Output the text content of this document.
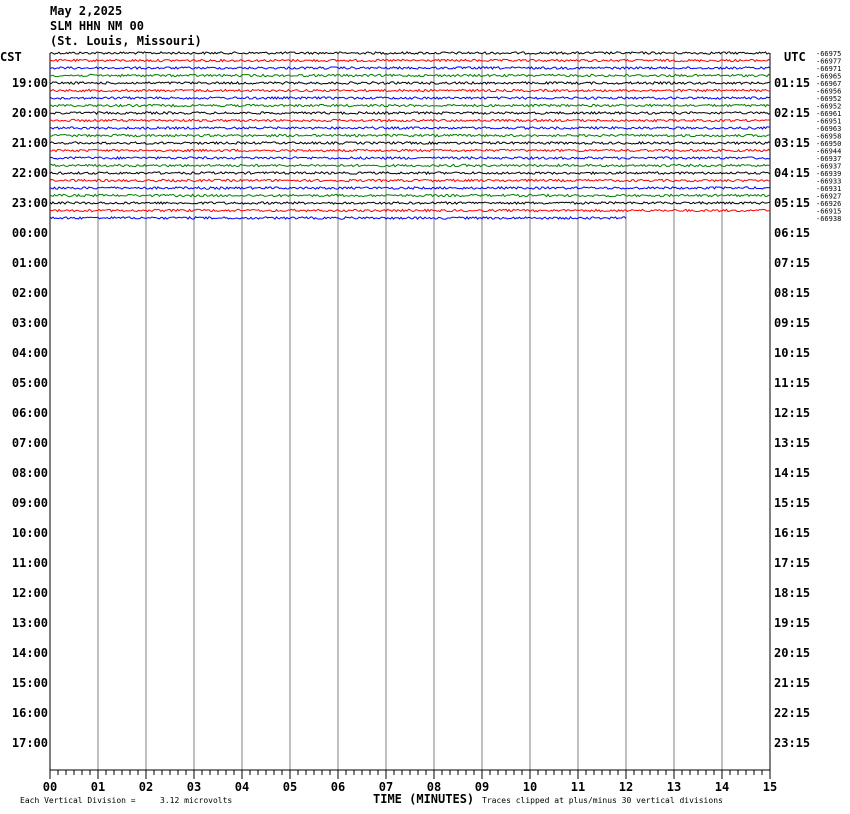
May 2,2025
SLM HHN NM 00
(St. Louis, Missouri)
-66975
-66977
-66971
-66965
-66967
-66956
-66952
-66952
-66961
-66951
-66963
-66958
-66950
-66944
-66937
-66937
-66939
-66933
-66931
-66927
-66926
-66915
-66938
19:00
20:00
21:00
22:00
23:00
00:00
01:00
02:00
03:00
04:00
05:00
06:00
07:00
08:00
09:00
10:00
11:00
12:00
13:00
14:00
15:00
16:00
17:00
01:15
02:15
03:15
04:15
05:15
06:15
07:15
08:15
09:15
10:15
11:15
12:15
13:15
14:15
15:15
16:15
17:15
18:15
19:15
20:15
21:15
22:15
23:15
00	01	02	03	04	05	06	07	08	09	10	11	12	13	14	15
CST	UTC
Each Vertical Division =	3.12 microvolts	TIME (MINUTES) Traces clipped at plus/minus 30 vertical divisions
